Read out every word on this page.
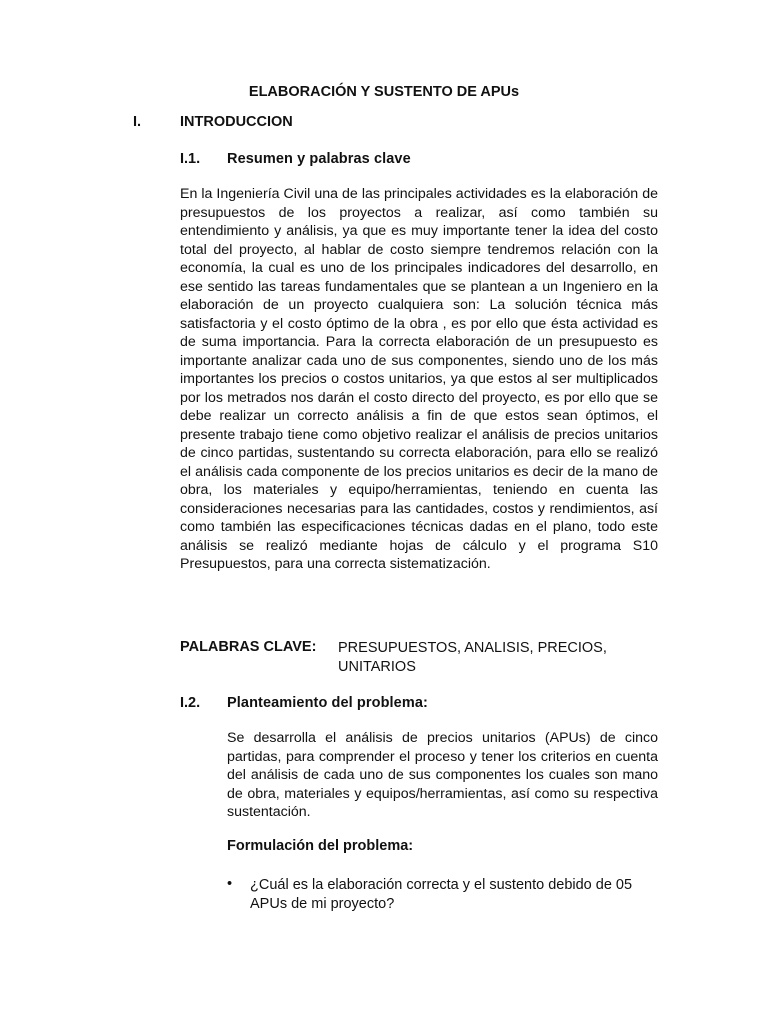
ELABORACIÓN Y SUSTENTO DE APUs
I.	INTRODUCCION
I.1. Resumen y palabras clave

En la Ingeniería Civil una de las principales actividades es la elaboración de presupuestos de los proyectos a realizar, así como también su entendimiento y análisis, ya que es muy importante tener la idea del costo total del proyecto, al hablar de costo siempre tendremos relación con la economía, la cual es uno de los principales indicadores del desarrollo, en ese sentido las tareas fundamentales que se plantean a un Ingeniero en la elaboración de un proyecto cualquiera son: La solución técnica más satisfactoria y el costo óptimo de la obra , es por ello que ésta actividad es de suma importancia. Para la correcta elaboración de un presupuesto es importante analizar cada uno de sus componentes, siendo uno de los más importantes los precios o costos unitarios, ya que estos al ser multiplicados por los metrados nos darán el costo directo del proyecto, es por ello que se debe realizar un correcto análisis a fin de que estos sean óptimos, el presente trabajo tiene como objetivo realizar el análisis de precios unitarios de cinco partidas, sustentando su correcta elaboración, para ello se realizó el análisis cada componente de los precios unitarios es decir de la mano de obra, los materiales y equipo/herramientas, teniendo en cuenta las consideraciones necesarias para las cantidades, costos y rendimientos, así como también las especificaciones técnicas dadas en el plano, todo este análisis se realizó mediante hojas de cálculo y el programa S10 Presupuestos, para una correcta sistematización.

PALABRAS CLAVE: PRESUPUESTOS, ANALISIS, PRECIOS, UNITARIOS
I.2. Planteamiento del problema:

Se desarrolla el análisis de precios unitarios (APUs) de cinco partidas, para comprender el proceso y tener los criterios en cuenta del análisis de cada uno de sus componentes los cuales son mano de obra, materiales y equipos/herramientas, así como su respectiva sustentación.

Formulación del problema:
• ¿Cuál es la elaboración correcta y el sustento debido de 05 APUs de mi proyecto?
